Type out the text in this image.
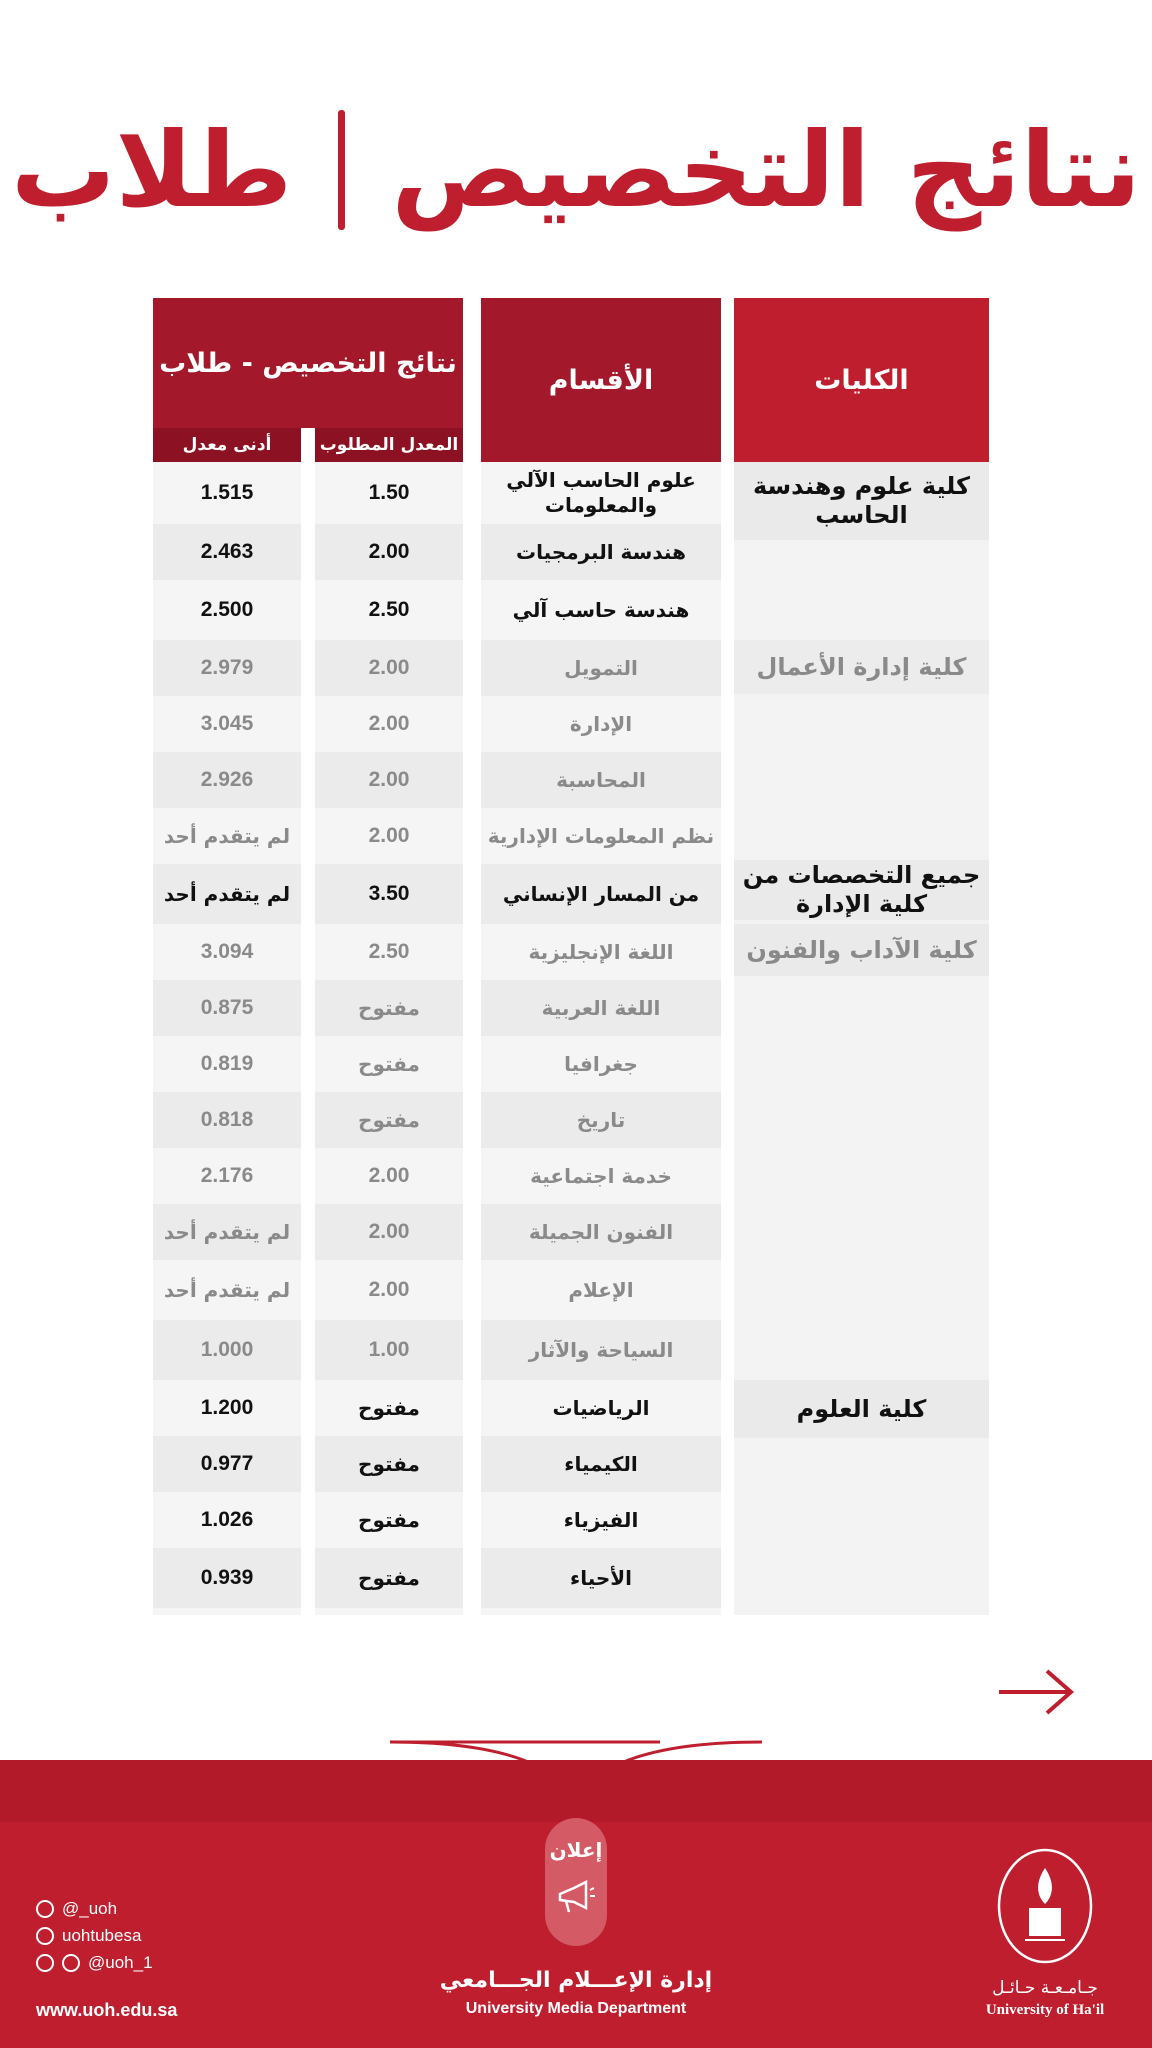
طلاب نتائج التخصيص
الكليات
الأقسام
نتائج التخصيص - طلاب
المعدل المطلوب
أدنى معدل
كلية علوم وهندسة الحاسب
كلية إدارة الأعمال
جميع التخصصات من كلية الإدارة
كلية الآداب والفنون
كلية العلوم
علوم الحاسب الآلي والمعلومات
هندسة البرمجيات
هندسة حاسب آلي
التمويل
الإدارة
المحاسبة
نظم المعلومات الإدارية
من المسار الإنساني
اللغة الإنجليزية
اللغة العربية
جغرافيا
تاريخ
خدمة اجتماعية
الفنون الجميلة
الإعلام
السياحة والآثار
الرياضيات
الكيمياء
الفيزياء
الأحياء
1.50
2.00
2.50
2.00
2.00
2.00
2.00
3.50
2.50
مفتوح
مفتوح
مفتوح
2.00
2.00
2.00
1.00
مفتوح
مفتوح
مفتوح
مفتوح
1.515
2.463
2.500
2.979
3.045
2.926
لم يتقدم أحد
لم يتقدم أحد
3.094
0.875
0.819
0.818
2.176
لم يتقدم أحد
لم يتقدم أحد
1.000
1.200
0.977
1.026
0.939
إعلان
إدارة الإعـــلام الجـــامعي
University Media Department
@_uoh
uohtubesa
@uoh_1
www.uoh.edu.sa
جـامـعـة حـائـل
University of Ha'il
